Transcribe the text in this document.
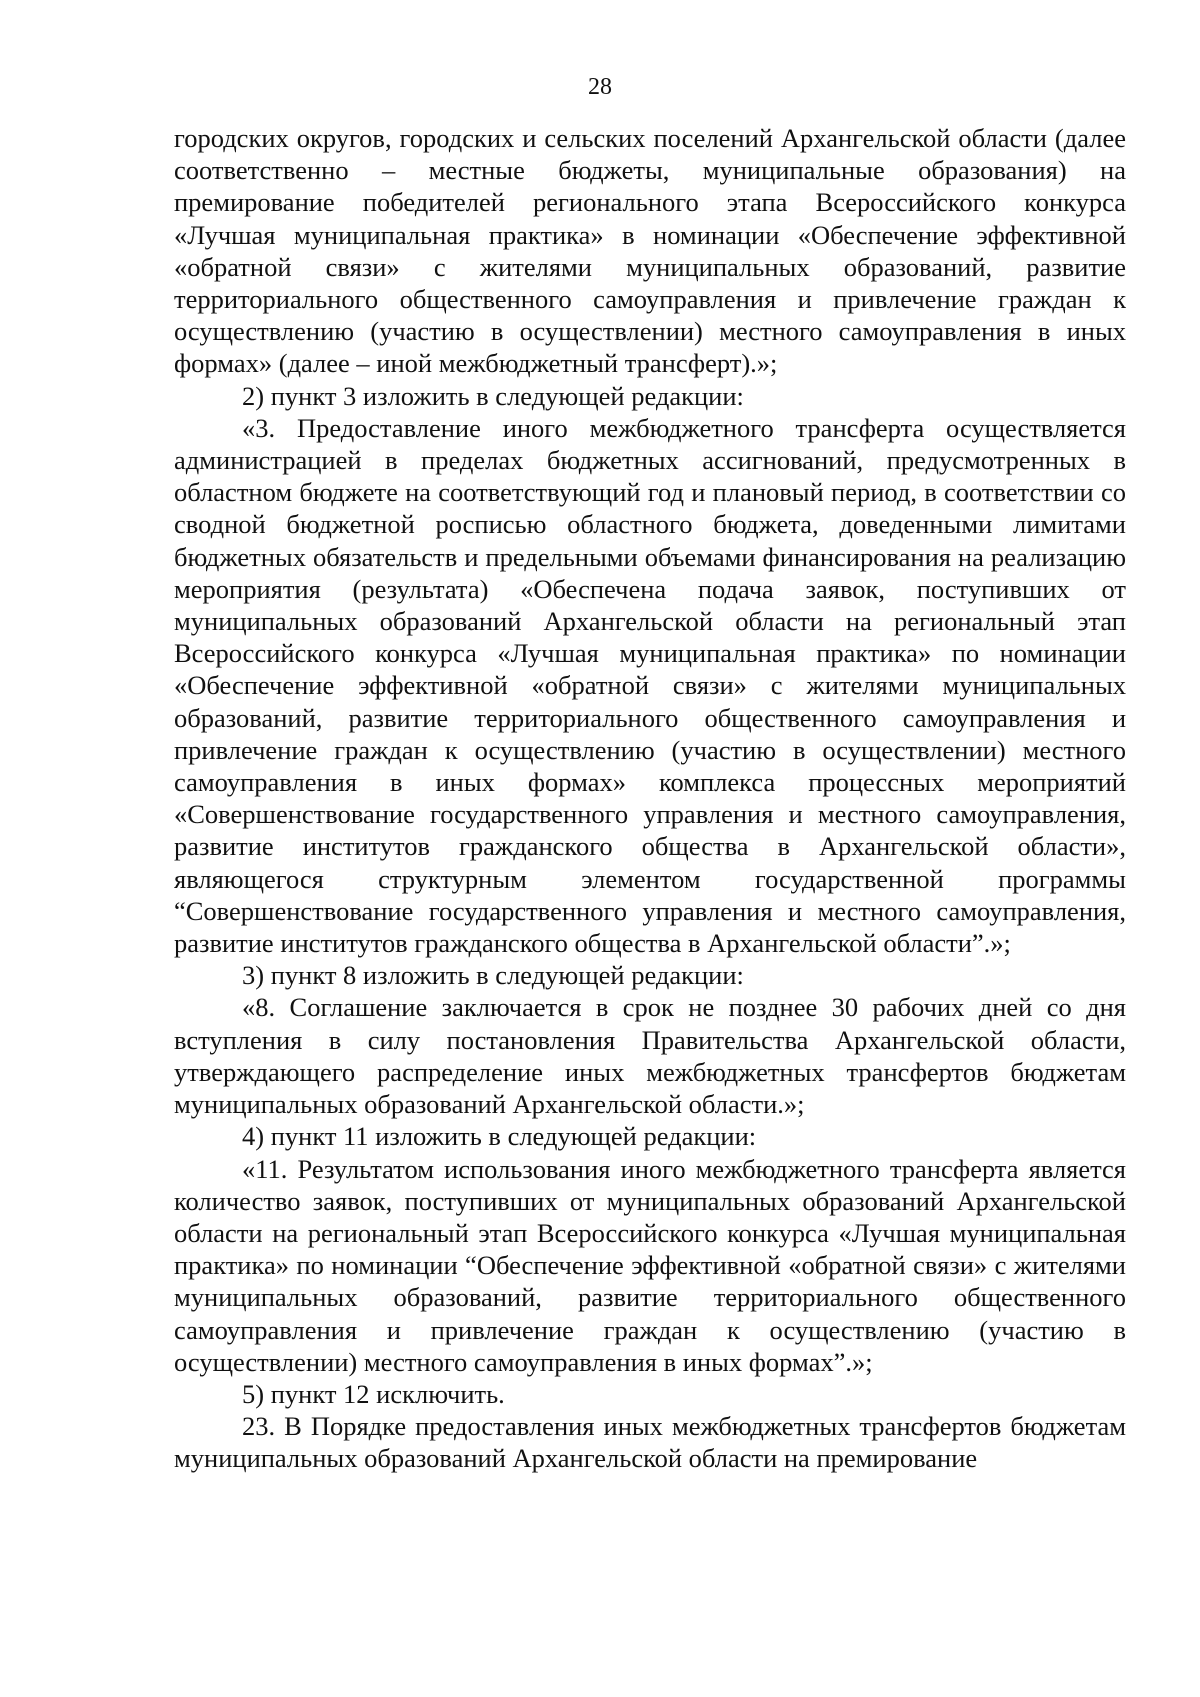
28

городских округов, городских и сельских поселений Архангельской области (далее соответственно – местные бюджеты, муниципальные образования) на премирование победителей регионального этапа Всероссийского конкурса «Лучшая муниципальная практика» в номинации «Обеспечение эффективной «обратной связи» с жителями муниципальных образований, развитие территориального общественного самоуправления и привлечение граждан к осуществлению (участию в осуществлении) местного самоуправления в иных формах» (далее – иной межбюджетный трансферт).»;

2) пункт 3 изложить в следующей редакции:

«3. Предоставление иного межбюджетного трансферта осуществляется администрацией в пределах бюджетных ассигнований, предусмотренных в областном бюджете на соответствующий год и плановый период, в соответствии со сводной бюджетной росписью областного бюджета, доведенными лимитами бюджетных обязательств и предельными объемами финансирования на реализацию мероприятия (результата) «Обеспечена подача заявок, поступивших от муниципальных образований Архангельской области на региональный этап Всероссийского конкурса «Лучшая муниципальная практика» по номинации «Обеспечение эффективной «обратной связи» с жителями муниципальных образований, развитие территориального общественного самоуправления и привлечение граждан к осуществлению (участию в осуществлении) местного самоуправления в иных формах» комплекса процессных мероприятий «Совершенствование государственного управления и местного самоуправления, развитие институтов гражданского общества в Архангельской области», являющегося структурным элементом государственной программы “Совершенствование государственного управления и местного самоуправления, развитие институтов гражданского общества в Архангельской области”.»;

3) пункт 8 изложить в следующей редакции:

«8. Соглашение заключается в срок не позднее 30 рабочих дней со дня вступления в силу постановления Правительства Архангельской области, утверждающего распределение иных межбюджетных трансфертов бюджетам муниципальных образований Архангельской области.»;

4) пункт 11 изложить в следующей редакции:

«11. Результатом использования иного межбюджетного трансферта является количество заявок, поступивших от муниципальных образований Архангельской области на региональный этап Всероссийского конкурса «Лучшая муниципальная практика» по номинации “Обеспечение эффективной «обратной связи» с жителями муниципальных образований, развитие территориального общественного самоуправления и привлечение граждан к осуществлению (участию в осуществлении) местного самоуправления в иных формах”.»;

5) пункт 12 исключить.

23. В Порядке предоставления иных межбюджетных трансфертов бюджетам муниципальных образований Архангельской области на премирование
